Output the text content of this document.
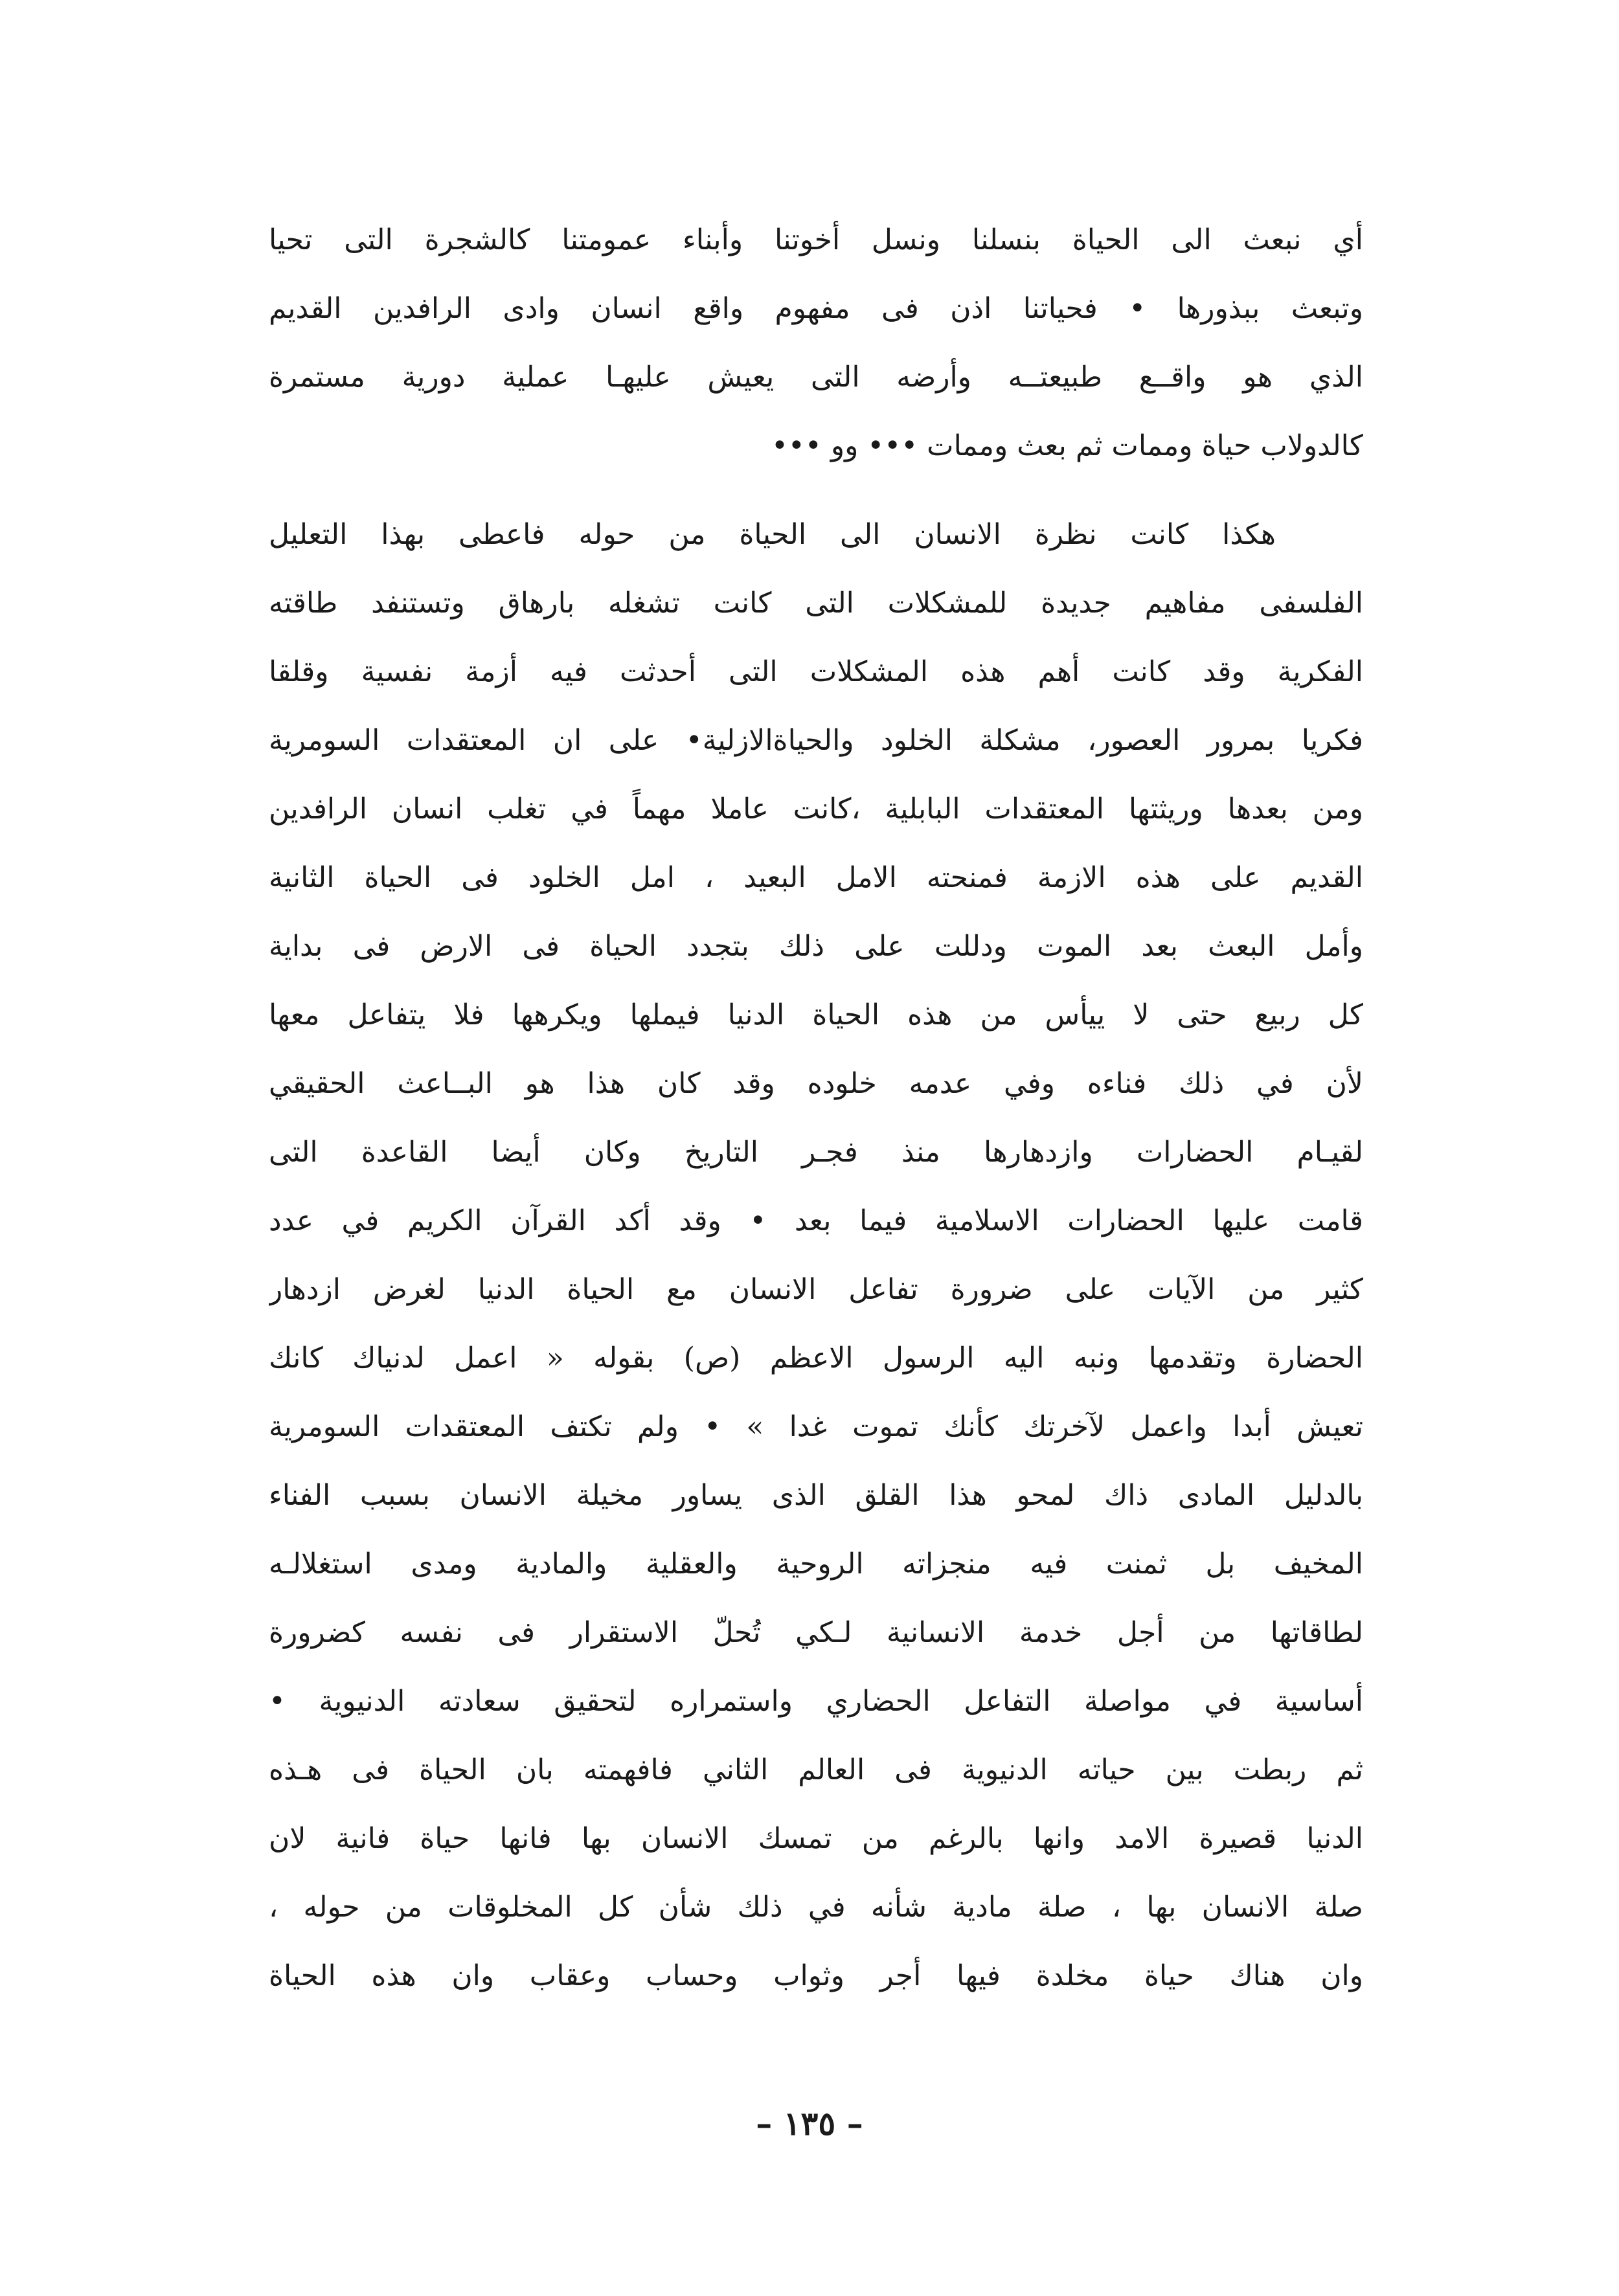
أي نبعث الى الحياة بنسلنا ونسل أخوتنا وأبناء عمومتنا كالشجرة التى تحيا
وتبعث ببذورها • فحياتنا اذن فى مفهوم واقع انسان وادى الرافدين القديم
الذي هو واقــع طبيعتــه وأرضه التى يعيش عليهـا عملية دورية مستمرة
كالدولاب حياة وممات ثم بعث وممات ••• وو •••
هكذا كانت نظرة الانسان الى الحياة من حوله فاعطى بهذا التعليل
الفلسفى مفاهيم جديدة للمشكلات التى كانت تشغله بارهاق وتستنفد طاقته
الفكرية وقد كانت أهم هذه المشكلات التى أحدثت فيه أزمة نفسية وقلقا
فكريا بمرور العصور، مشكلة الخلود والحياةالازلية• على ان المعتقدات السومرية
ومن بعدها وريثتها المعتقدات البابلية ،كانت عاملا مهماً في تغلب انسان الرافدين
القديم على هذه الازمة فمنحته الامل البعيد ، امل الخلود فى الحياة الثانية
وأمل البعث بعد الموت ودللت على ذلك بتجدد الحياة فى الارض فى بداية
كل ربيع حتى لا ييأس من هذه الحياة الدنيا فيملها ويكرهها فلا يتفاعل معها
لأن في ذلك فناءه وفي عدمه خلوده وقد كان هذا هو البــاعث الحقيقي
لقيـام الحضارات وازدهارها منذ فجـر التاريخ وكان أيضا القاعدة التى
قامت عليها الحضارات الاسلامية فيما بعد • وقد أكد القرآن الكريم في عدد
كثير من الآيات على ضرورة تفاعل الانسان مع الحياة الدنيا لغرض ازدهار
الحضارة وتقدمها ونبه اليه الرسول الاعظم (ص) بقوله « اعمل لدنياك كانك
تعيش أبدا واعمل لآخرتك كأنك تموت غدا » • ولم تكتف المعتقدات السومرية
بالدليل المادى ذاك لمحو هذا القلق الذى يساور مخيلة الانسان بسبب الفناء
المخيف بل ثمنت فيه منجزاته الروحية والعقلية والمادية ومدى استغلالـه
لطاقاتها من أجل خدمة الانسانية لـكي تُحلّ الاستقرار فى نفسه كضرورة
أساسية في مواصلة التفاعل الحضاري واستمراره لتحقيق سعادته الدنيوية •
ثم ربطت بين حياته الدنيوية فى العالم الثاني فافهمته بان الحياة فى هـذه
الدنيا قصيرة الامد وانها بالرغم من تمسك الانسان بها فانها حياة فانية لان
صلة الانسان بها ، صلة مادية شأنه في ذلك شأن كل المخلوقات من حوله ،
وان هناك حياة مخلدة فيها أجر وثواب وحساب وعقاب وان هذه الحياة
– ١٣٥ –
